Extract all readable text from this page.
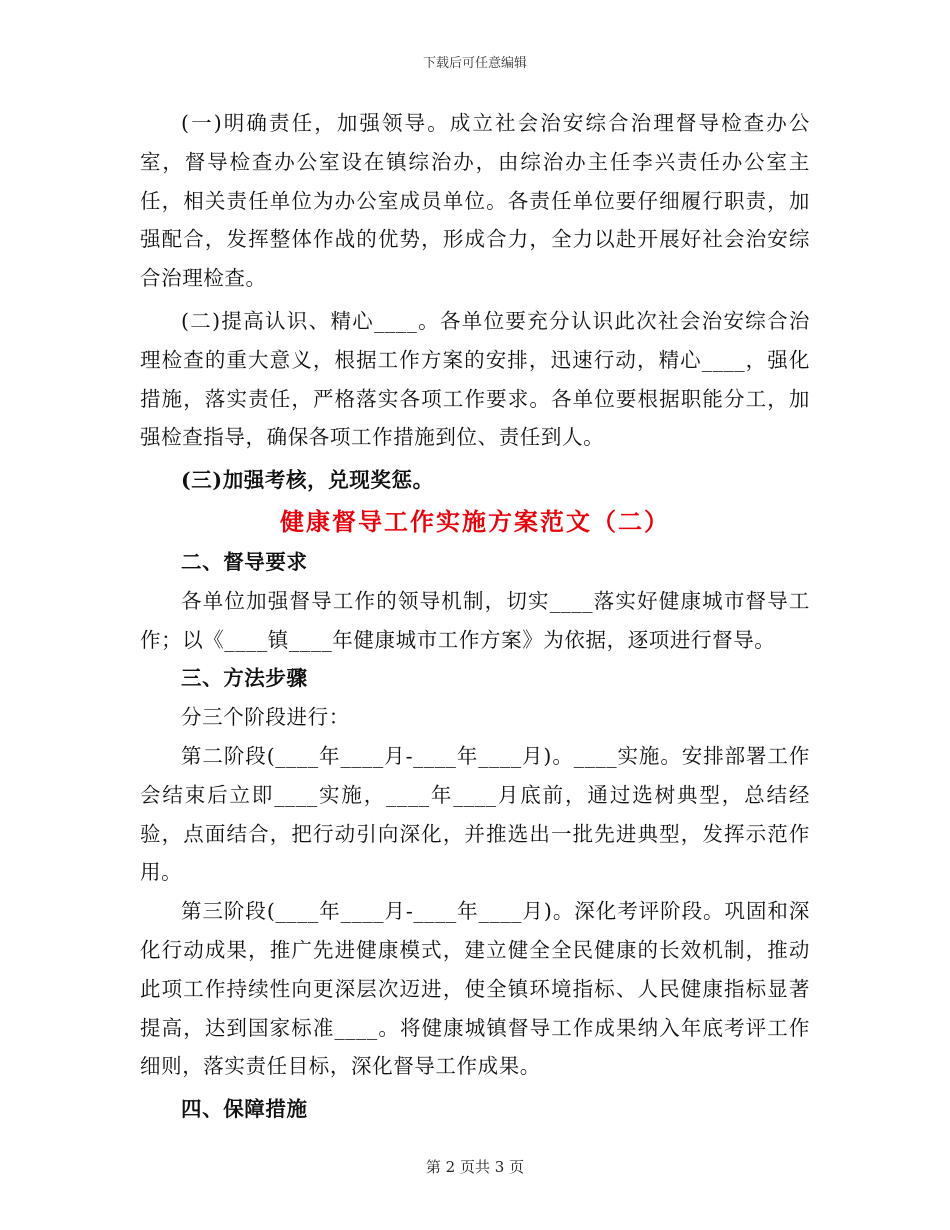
下载后可任意编辑

(一)明确责任，加强领导。成立社会治安综合治理督导检查办公室，督导检查办公室设在镇综治办，由综治办主任李兴责任办公室主任，相关责任单位为办公室成员单位。各责任单位要仔细履行职责，加强配合，发挥整体作战的优势，形成合力，全力以赴开展好社会治安综合治理检查。

(二)提高认识、精心____。各单位要充分认识此次社会治安综合治理检查的重大意义，根据工作方案的安排，迅速行动，精心____，强化措施，落实责任，严格落实各项工作要求。各单位要根据职能分工，加强检查指导，确保各项工作措施到位、责任到人。

(三)加强考核，兑现奖惩。

健康督导工作实施方案范文（二）

二、督导要求

各单位加强督导工作的领导机制，切实____落实好健康城市督导工作；以《____镇____年健康城市工作方案》为依据，逐项进行督导。

三、方法步骤

分三个阶段进行：

第二阶段(____年____月-____年____月)。____实施。安排部署工作会结束后立即____实施，____年____月底前，通过选树典型，总结经验，点面结合，把行动引向深化，并推选出一批先进典型，发挥示范作用。

第三阶段(____年____月-____年____月)。深化考评阶段。巩固和深化行动成果，推广先进健康模式，建立健全全民健康的长效机制，推动此项工作持续性向更深层次迈进，使全镇环境指标、人民健康指标显著提高，达到国家标准____。将健康城镇督导工作成果纳入年底考评工作细则，落实责任目标，深化督导工作成果。

四、保障措施

第 2 页共 3 页
